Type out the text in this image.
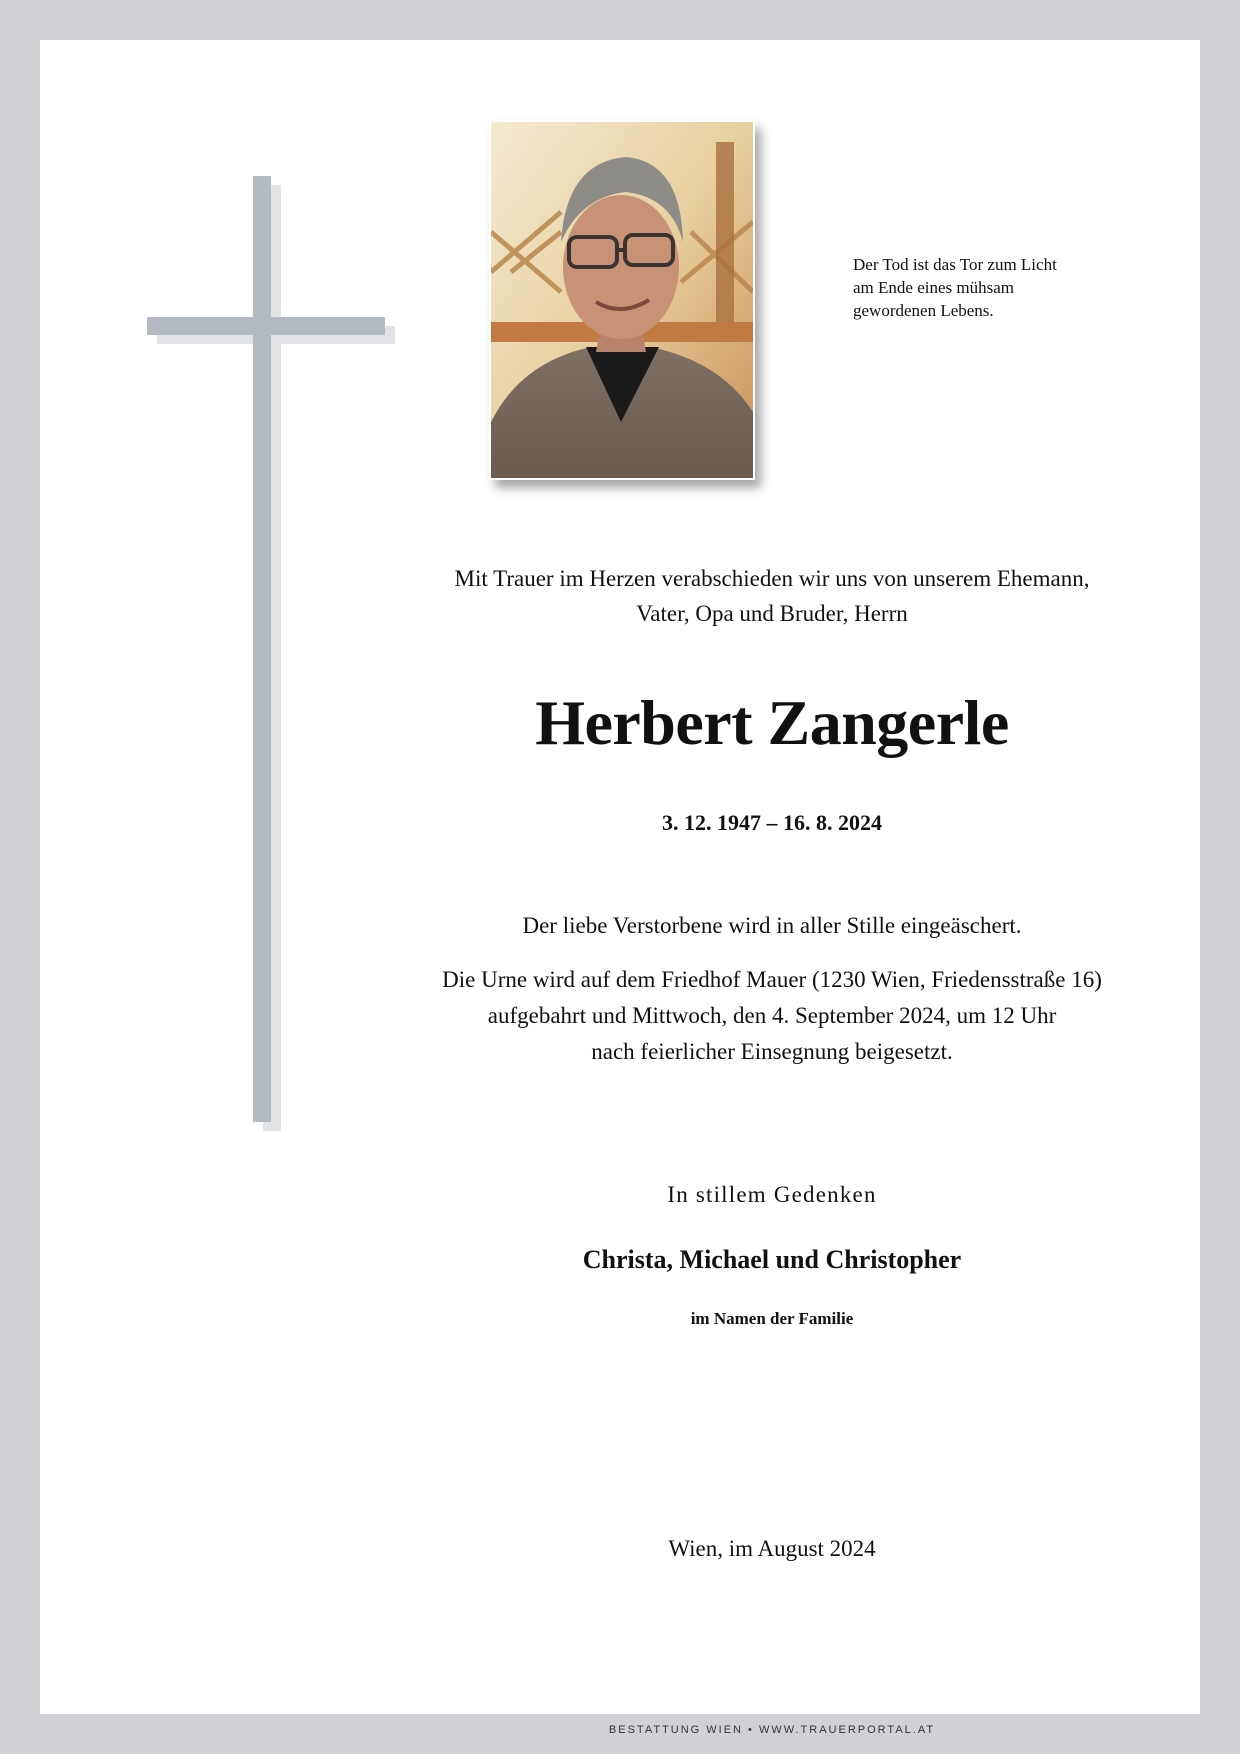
Der Tod ist das Tor zum Licht
am Ende eines mühsam
gewordenen Lebens.
Mit Trauer im Herzen verabschieden wir uns von unserem Ehemann,
Vater, Opa und Bruder, Herrn
Herbert Zangerle
3. 12. 1947 – 16. 8. 2024
Der liebe Verstorbene wird in aller Stille eingeäschert.
Die Urne wird auf dem Friedhof Mauer (1230 Wien, Friedensstraße 16)
aufgebahrt und Mittwoch, den 4. September 2024, um 12 Uhr
nach feierlicher Einsegnung beigesetzt.
In stillem Gedenken
Christa, Michael und Christopher
im Namen der Familie
Wien, im August 2024
BESTATTUNG WIEN • WWW.TRAUERPORTAL.AT
